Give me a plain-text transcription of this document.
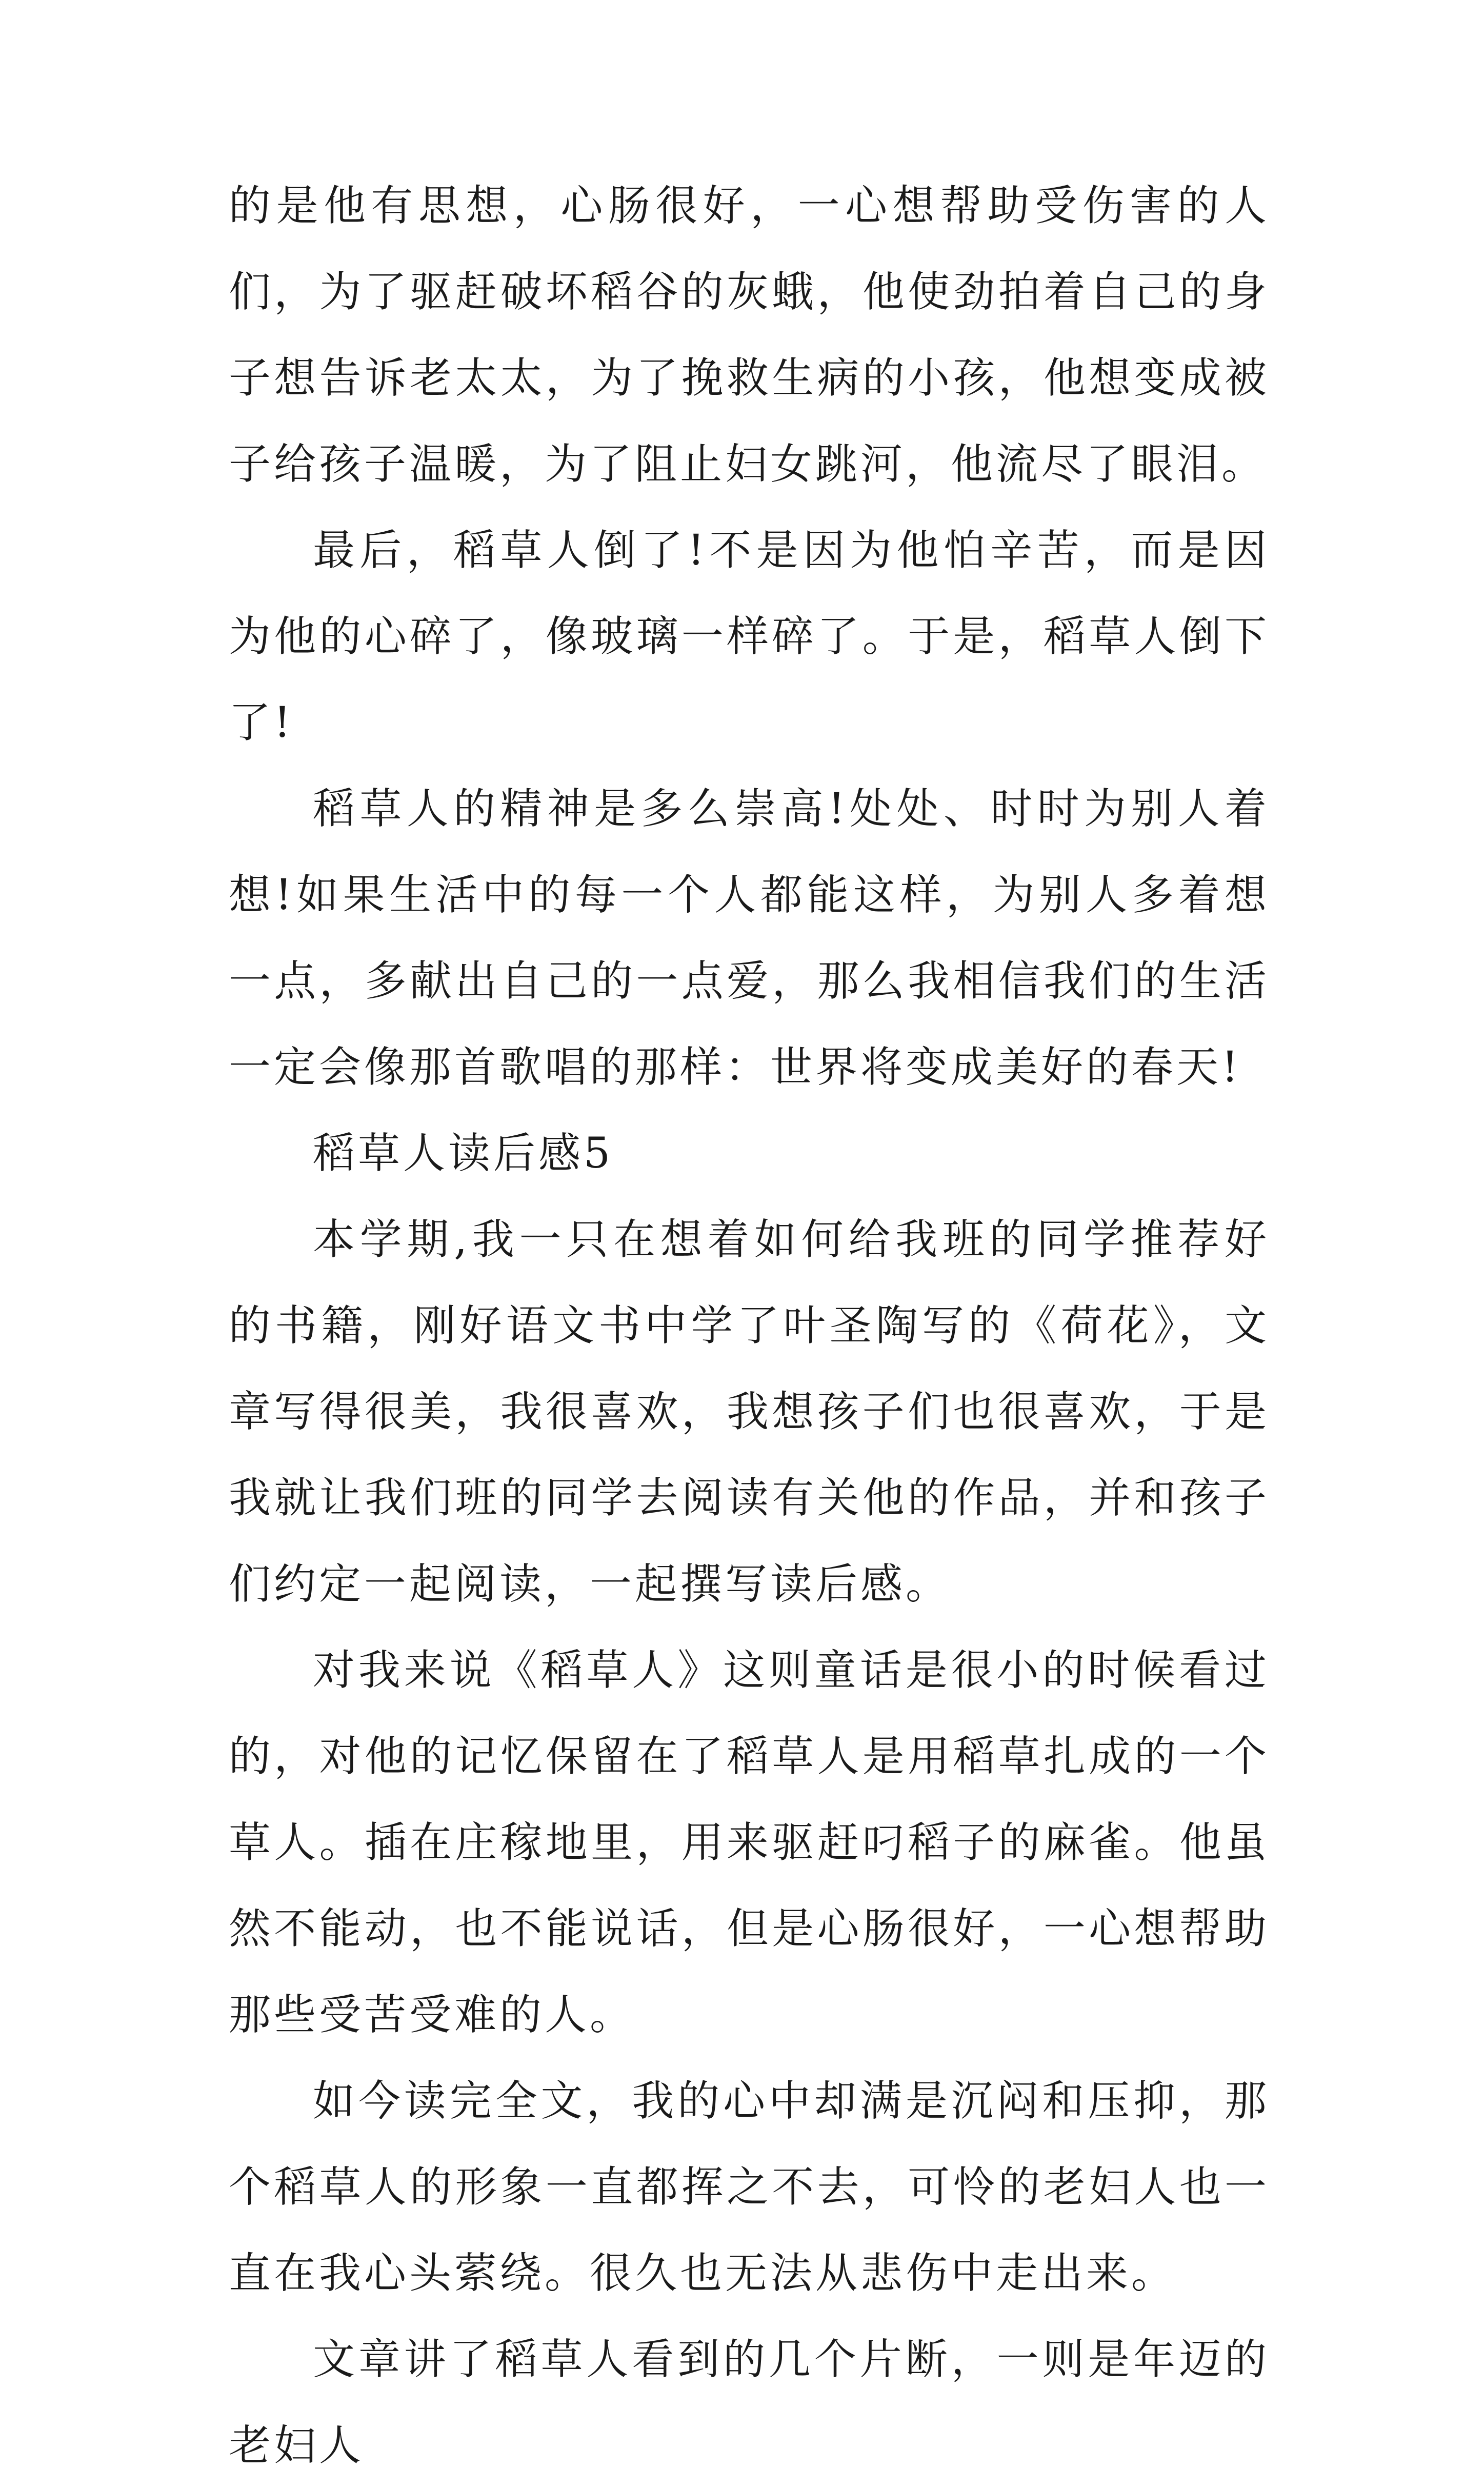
的是他有思想，心肠很好，一心想帮助受伤害的人们，为了驱赶破坏稻谷的灰蛾，他使劲拍着自己的身子想告诉老太太，为了挽救生病的小孩，他想变成被子给孩子温暖，为了阻止妇女跳河，他流尽了眼泪。

最后，稻草人倒了!不是因为他怕辛苦，而是因为他的心碎了，像玻璃一样碎了。于是，稻草人倒下了!

稻草人的精神是多么崇高!处处、时时为别人着想!如果生活中的每一个人都能这样，为别人多着想一点，多献出自己的一点爱，那么我相信我们的生活一定会像那首歌唱的那样：世界将变成美好的春天!

稻草人读后感5

本学期,我一只在想着如何给我班的同学推荐好的书籍，刚好语文书中学了叶圣陶写的《荷花》，文章写得很美，我很喜欢，我想孩子们也很喜欢，于是我就让我们班的同学去阅读有关他的作品，并和孩子们约定一起阅读，一起撰写读后感。

对我来说《稻草人》这则童话是很小的时候看过的，对他的记忆保留在了稻草人是用稻草扎成的一个草人。插在庄稼地里，用来驱赶叼稻子的麻雀。他虽然不能动，也不能说话，但是心肠很好，一心想帮助那些受苦受难的人。

如今读完全文，我的心中却满是沉闷和压抑，那个稻草人的形象一直都挥之不去，可怜的老妇人也一直在我心头萦绕。很久也无法从悲伤中走出来。

文章讲了稻草人看到的几个片断，一则是年迈的老妇人
